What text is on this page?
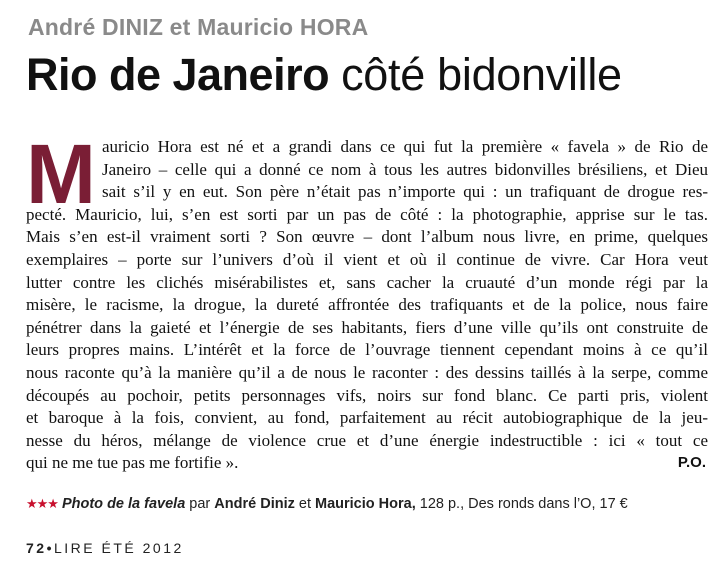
André DINIZ et Mauricio HORA
Rio de Janeiro côté bidonville
M auricio Hora est né et a grandi dans ce qui fut la première « favela » de Rio de
Janeiro – celle qui a donné ce nom à tous les autres bidonvilles brésiliens, et Dieu
sait s’il y en eut. Son père n’était pas n’importe qui : un trafiquant de drogue res-
pecté. Mauricio, lui, s’en est sorti par un pas de côté : la photographie, apprise sur le tas.
Mais s’en est-il vraiment sorti ? Son œuvre – dont l’album nous livre, en prime, quelques
exemplaires – porte sur l’univers d’où il vient et où il continue de vivre. Car Hora veut
lutter contre les clichés misérabilistes et, sans cacher la cruauté d’un monde régi par la
misère, le racisme, la drogue, la dureté affrontée des trafiquants et de la police, nous faire
pénétrer dans la gaieté et l’énergie de ses habitants, fiers d’une ville qu’ils ont construite de
leurs propres mains. L’intérêt et la force de l’ouvrage tiennent cependant moins à ce qu’il
nous raconte qu’à la manière qu’il a de nous le raconter : des dessins taillés à la serpe, comme
découpés au pochoir, petits personnages vifs, noirs sur fond blanc. Ce parti pris, violent
et baroque à la fois, convient, au fond, parfaitement au récit autobiographique de la jeu-
nesse du héros, mélange de violence crue et d’une énergie indestructible : ici « tout ce
qui ne me tue pas me fortifie ».	P.O.
★★★ Photo de la favela par André Diniz et Mauricio Hora, 128 p., Des ronds dans l’O, 17 €
72•LIRE ÉTÉ 2012
